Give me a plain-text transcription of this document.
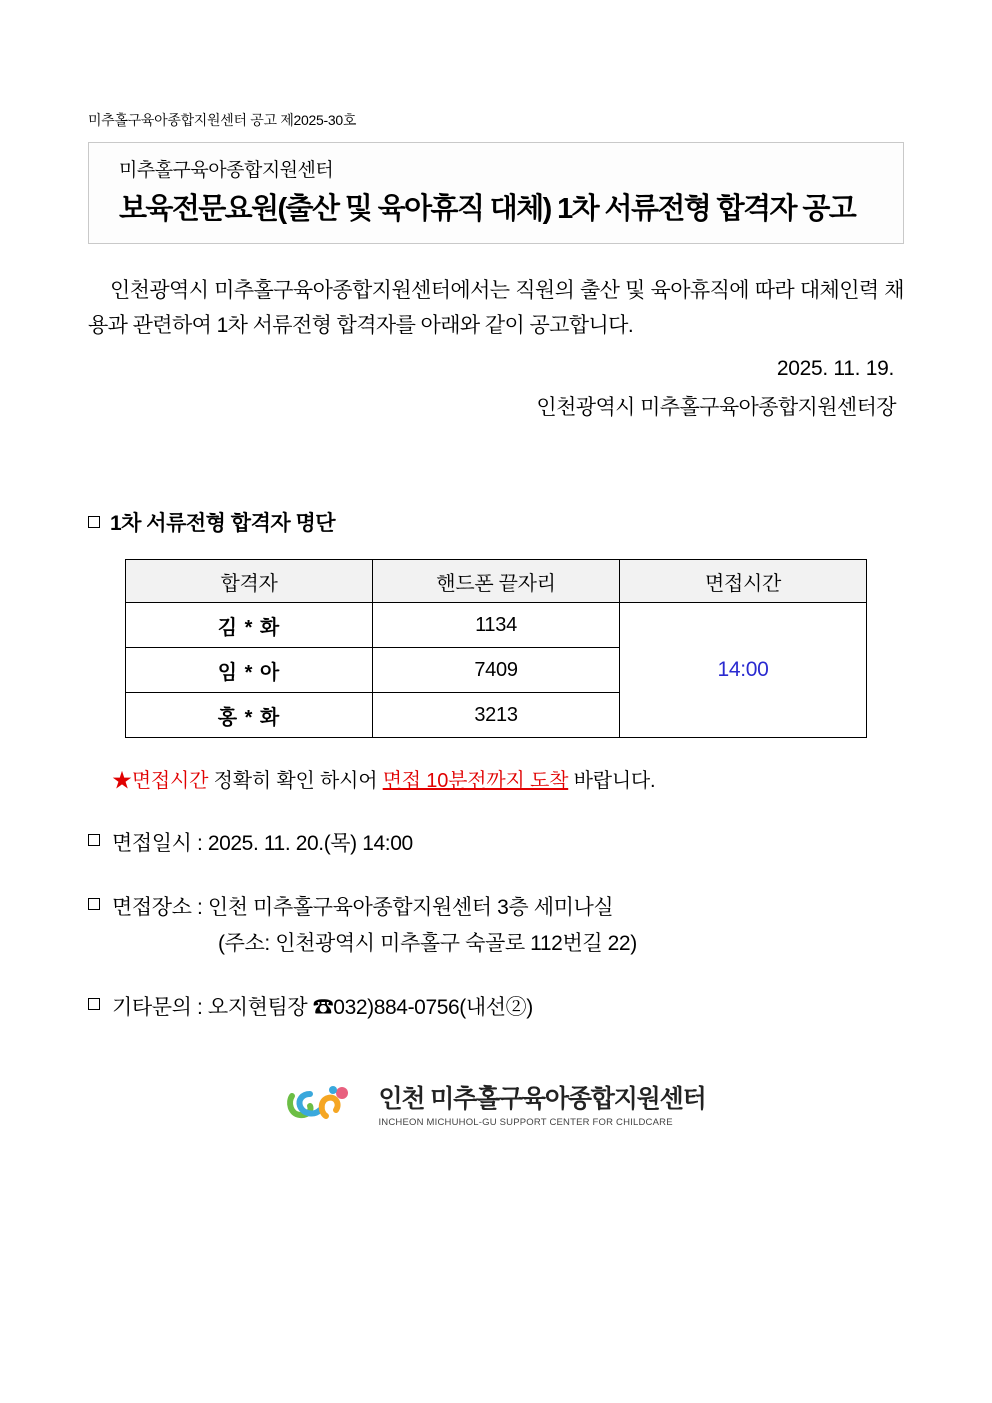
미추홀구육아종합지원센터 공고 제2025-30호
미추홀구육아종합지원센터
보육전문요원(출산 및 육아휴직 대체) 1차 서류전형 합격자 공고
인천광역시 미추홀구육아종합지원센터에서는 직원의 출산 및 육아휴직에 따라 대체인력 채용과 관련하여 1차 서류전형 합격자를 아래와 같이 공고합니다.
2025. 11. 19.
인천광역시 미추홀구육아종합지원센터장
1차 서류전형 합격자 명단
합격자	핸드폰 끝자리	면접시간
김 * 화	1134	14:00
임 * 아	7409	
홍 * 화	3213	
★면접시간 정확히 확인 하시어 면접 10분전까지 도착 바랍니다.
면접일시 : 2025. 11. 20.(목) 14:00
면접장소 : 인천 미추홀구육아종합지원센터 3층 세미나실
(주소: 인천광역시 미추홀구 숙골로 112번길 22)
기타문의 : 오지현팀장 ☎032)884-0756(내선②)
인천 미추홀구육아종합지원센터
INCHEON MICHUHOL-GU SUPPORT CENTER FOR CHILDCARE
